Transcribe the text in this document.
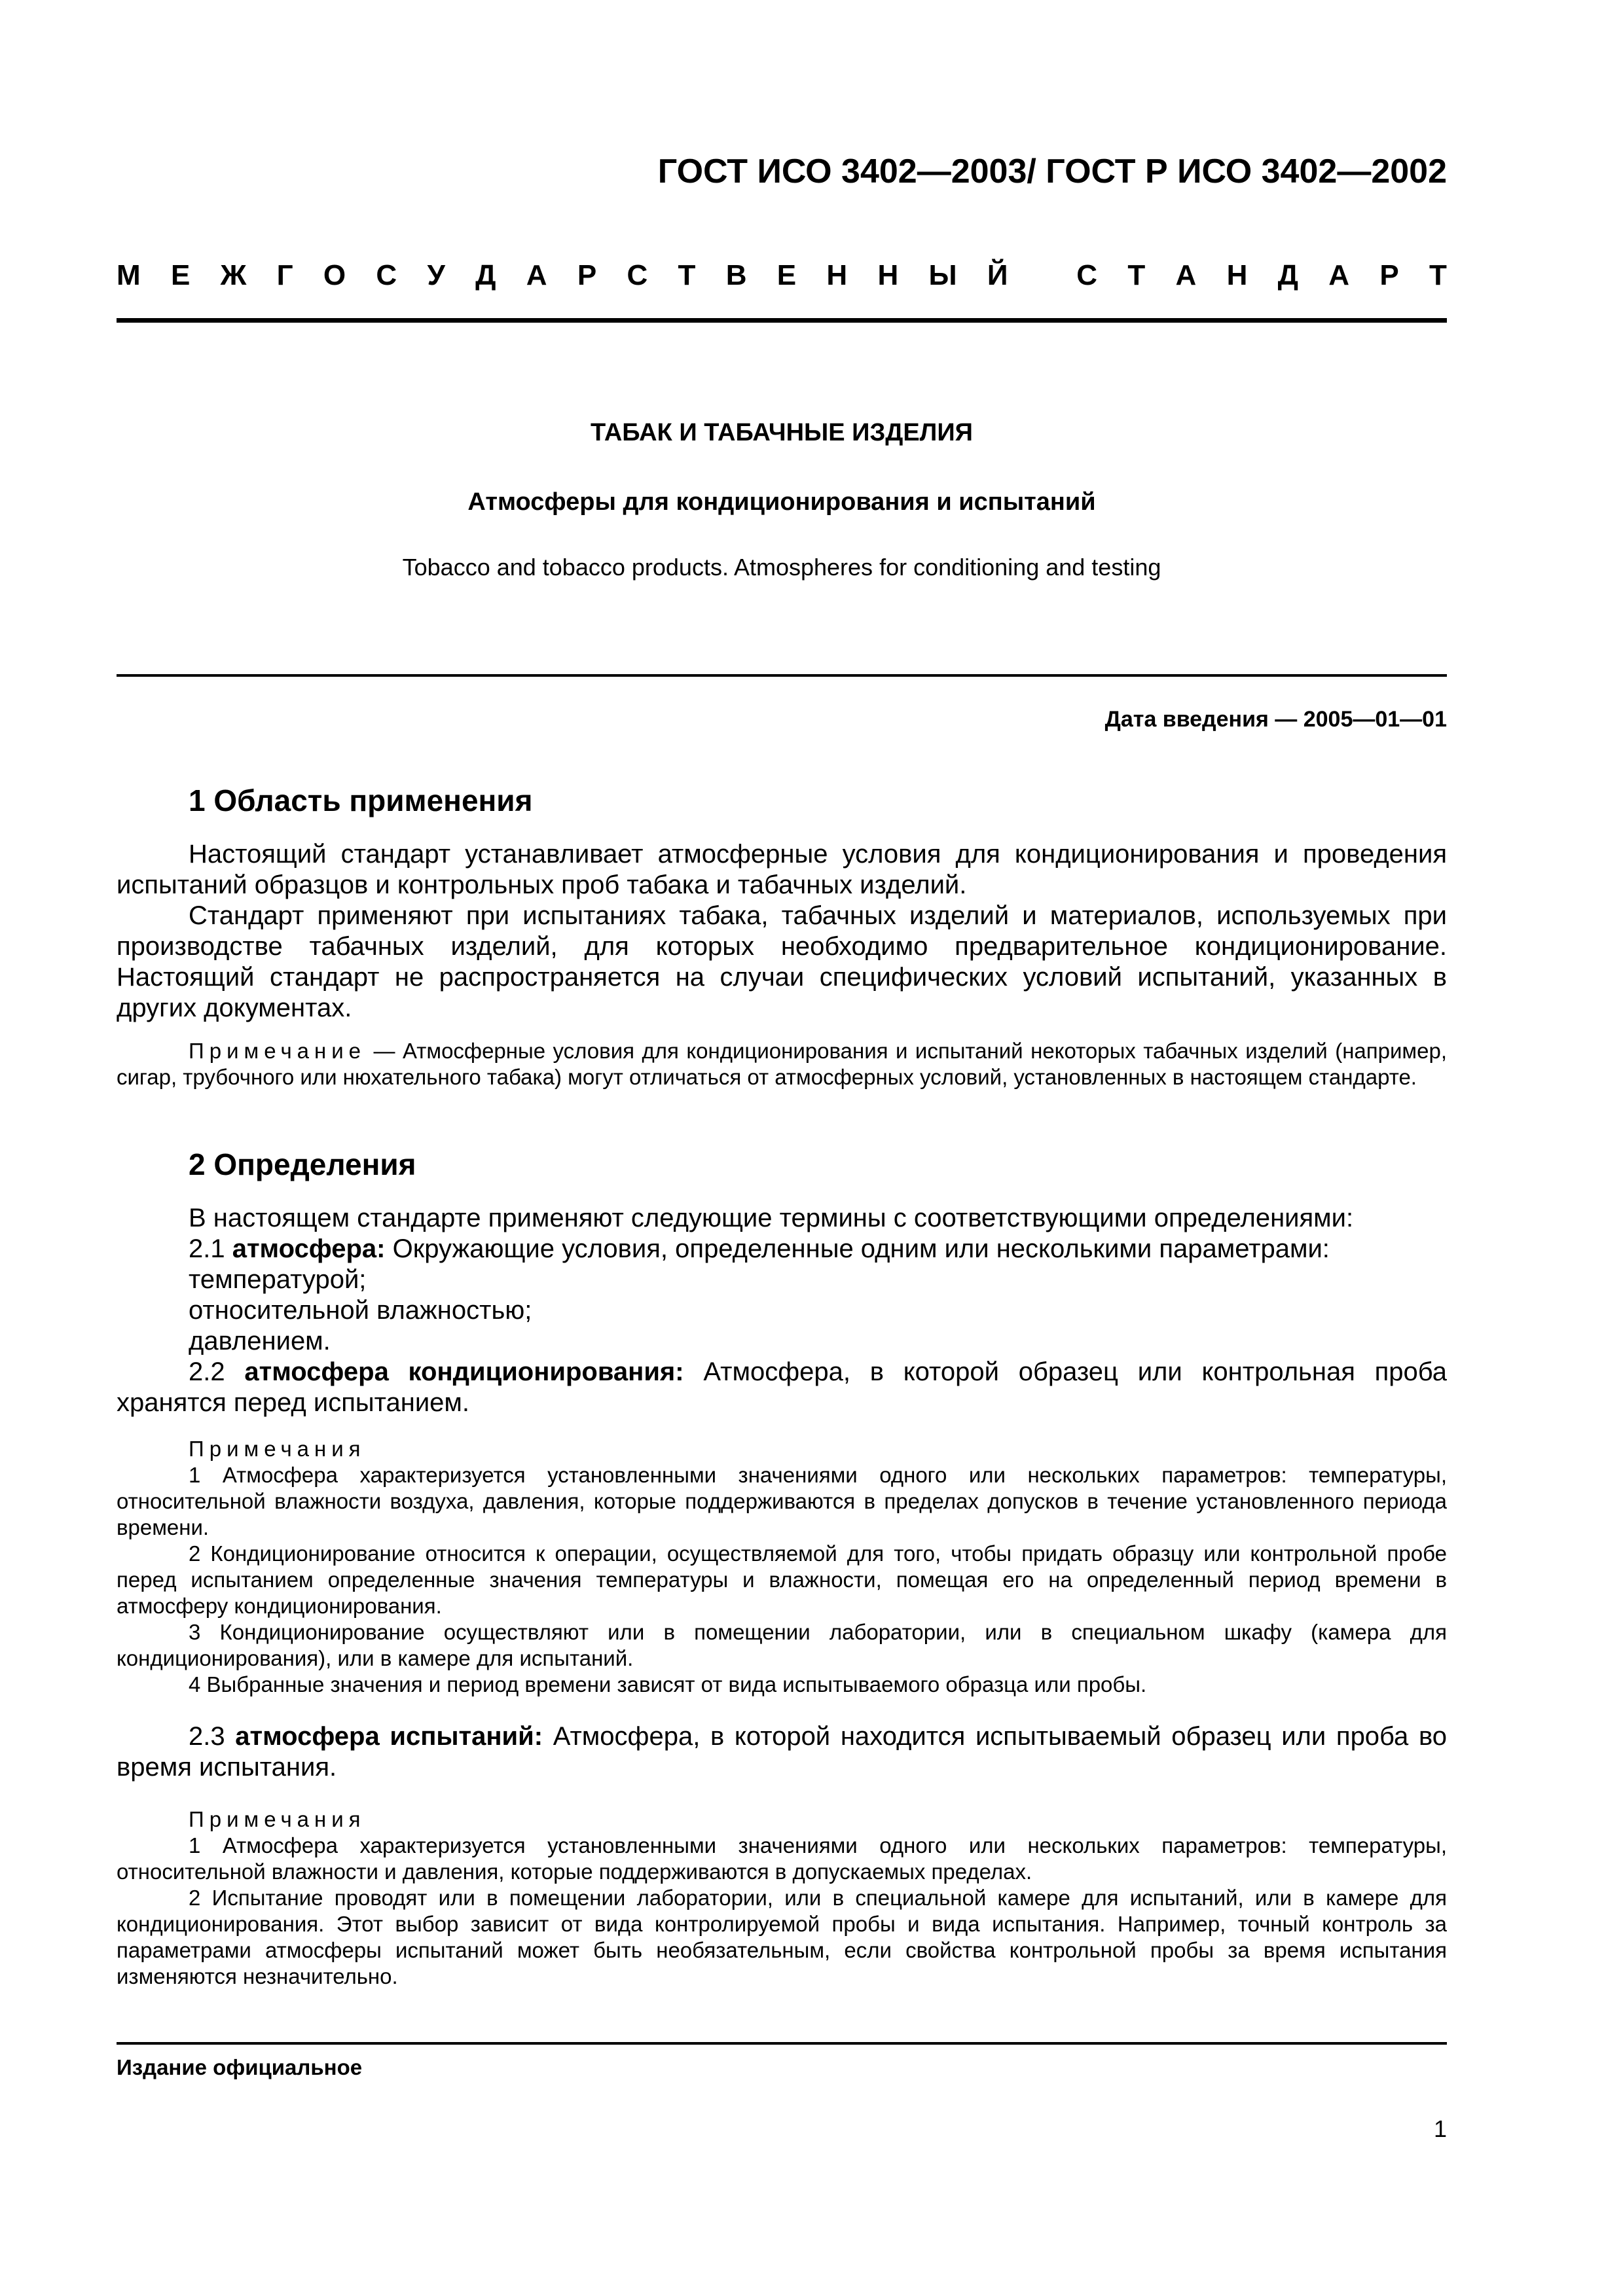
ГОСТ ИСО 3402—2003/ ГОСТ Р ИСО 3402—2002
М Е Ж Г О С У Д А Р С Т В Е Н Н Ы Й
С Т А Н Д А Р Т
ТАБАК И ТАБАЧНЫЕ ИЗДЕЛИЯ
Атмосферы для кондиционирования и испытаний
Tobacco and tobacco products. Atmospheres for conditioning and testing
Дата введения — 2005—01—01
1 Область применения

Настоящий стандарт устанавливает атмосферные условия для кондиционирования и проведения испытаний образцов и контрольных проб табака и табачных изделий.

Стандарт применяют при испытаниях табака, табачных изделий и материалов, используемых при производстве табачных изделий, для которых необходимо предварительное кондиционирование. Настоящий стандарт не распространяется на случаи специфических условий испытаний, указанных в других документах.

Примечание — Атмосферные условия для кондиционирования и испытаний некоторых табачных изделий (например, сигар, трубочного или нюхательного табака) могут отличаться от атмосферных условий, установленных в настоящем стандарте.

2 Определения

В настоящем стандарте применяют следующие термины с соответствующими определениями:

2.1 атмосфера: Окружающие условия, определенные одним или несколькими параметрами:

температурой;

относительной влажностью;

давлением.

2.2 атмосфера кондиционирования: Атмосфера, в которой образец или контрольная проба хранятся перед испытанием.

Примечания

1 Атмосфера характеризуется установленными значениями одного или нескольких параметров: температуры, относительной влажности воздуха, давления, которые поддерживаются в пределах допусков в течение установленного периода времени.

2 Кондиционирование относится к операции, осуществляемой для того, чтобы придать образцу или контрольной пробе перед испытанием определенные значения температуры и влажности, помещая его на определенный период времени в атмосферу кондиционирования.

3 Кондиционирование осуществляют или в помещении лаборатории, или в специальном шкафу (камера для кондиционирования), или в камере для испытаний.

4 Выбранные значения и период времени зависят от вида испытываемого образца или пробы.

2.3 атмосфера испытаний: Атмосфера, в которой находится испытываемый образец или проба во время испытания.

Примечания

1 Атмосфера характеризуется установленными значениями одного или нескольких параметров: температуры, относительной влажности и давления, которые поддерживаются в допускаемых пределах.

2 Испытание проводят или в помещении лаборатории, или в специальной камере для испытаний, или в камере для кондиционирования. Этот выбор зависит от вида контролируемой пробы и вида испытания. Например, точный контроль за параметрами атмосферы испытаний может быть необязательным, если свойства контрольной пробы за время испытания изменяются незначительно.

Издание официальное
1
